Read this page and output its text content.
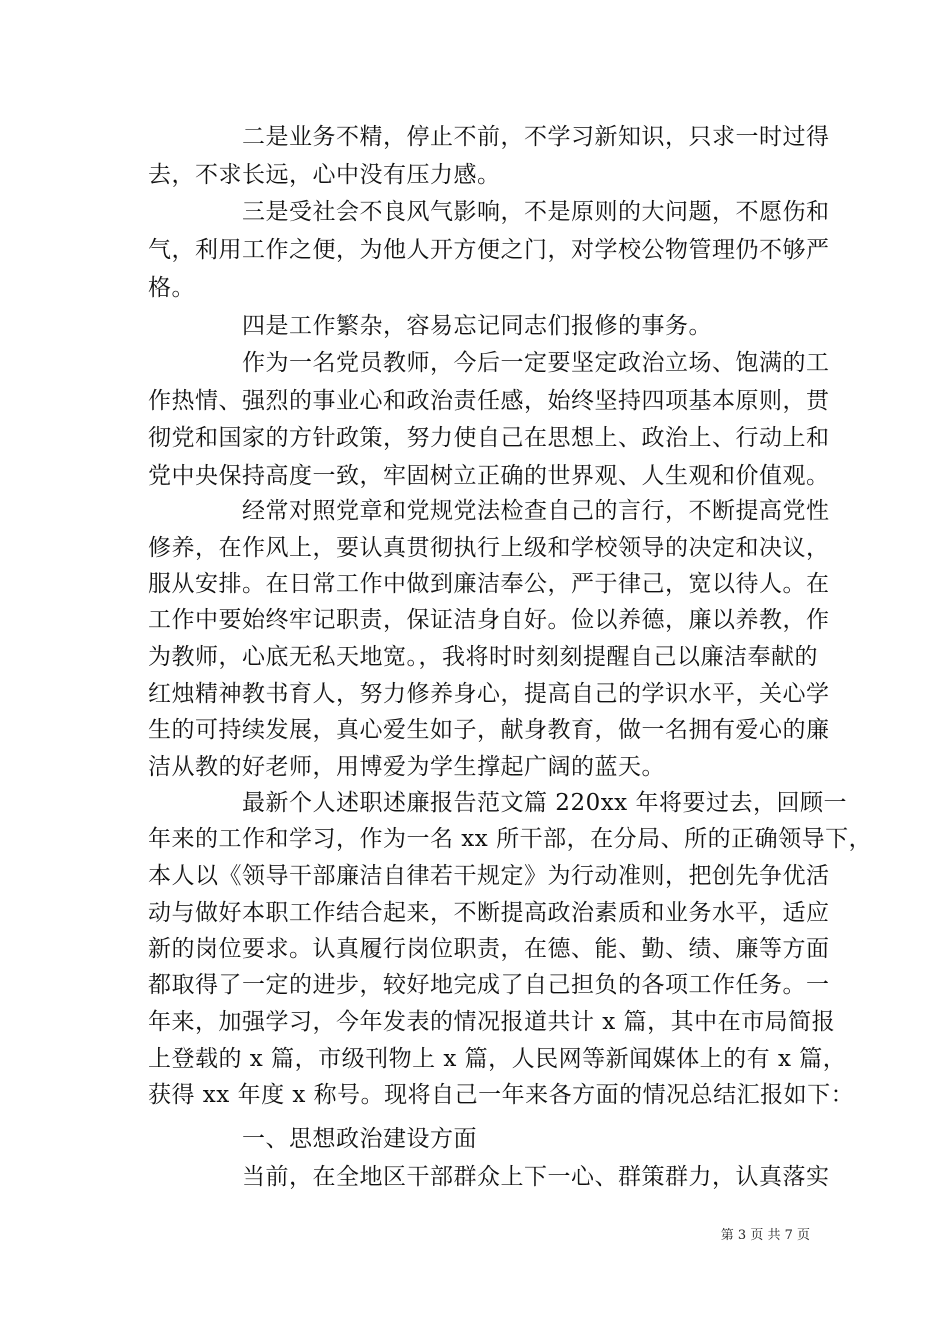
　　　　二是业务不精，停止不前，不学习新知识，只求一时过得
去，不求长远，心中没有压力感。
　　　　三是受社会不良风气影响，不是原则的大问题，不愿伤和
气，利用工作之便，为他人开方便之门，对学校公物管理仍不够严
格。
　　　　四是工作繁杂，容易忘记同志们报修的事务。
　　　　作为一名党员教师，今后一定要坚定政治立场、饱满的工
作热情、强烈的事业心和政治责任感，始终坚持四项基本原则，贯
彻党和国家的方针政策，努力使自己在思想上、政治上、行动上和
党中央保持高度一致，牢固树立正确的世界观、人生观和价值观。
　　　　经常对照党章和党规党法检查自己的言行，不断提高党性
修养，在作风上，要认真贯彻执行上级和学校领导的决定和决议，
服从安排。在日常工作中做到廉洁奉公，严于律己，宽以待人。在
工作中要始终牢记职责，保证洁身自好。俭以养德，廉以养教，作
为教师，心底无私天地宽。，我将时时刻刻提醒自己以廉洁奉献的
红烛精神教书育人，努力修养身心，提高自己的学识水平，关心学
生的可持续发展，真心爱生如子，献身教育，做一名拥有爱心的廉
洁从教的好老师，用博爱为学生撑起广阔的蓝天。
　　　　最新个人述职述廉报告范文篇 220xx 年将要过去，回顾一
年来的工作和学习，作为一名 xx 所干部，在分局、所的正确领导下，
本人以《领导干部廉洁自律若干规定》为行动准则，把创先争优活
动与做好本职工作结合起来，不断提高政治素质和业务水平，适应
新的岗位要求。认真履行岗位职责，在德、能、勤、绩、廉等方面
都取得了一定的进步，较好地完成了自己担负的各项工作任务。一
年来，加强学习，今年发表的情况报道共计 x 篇，其中在市局简报
上登载的 x 篇，市级刊物上 x 篇，人民网等新闻媒体上的有 x 篇，
获得 xx 年度 x 称号。现将自己一年来各方面的情况总结汇报如下：
　　　　一、思想政治建设方面
　　　　当前，在全地区干部群众上下一心、群策群力，认真落实
第 3 页 共 7 页
